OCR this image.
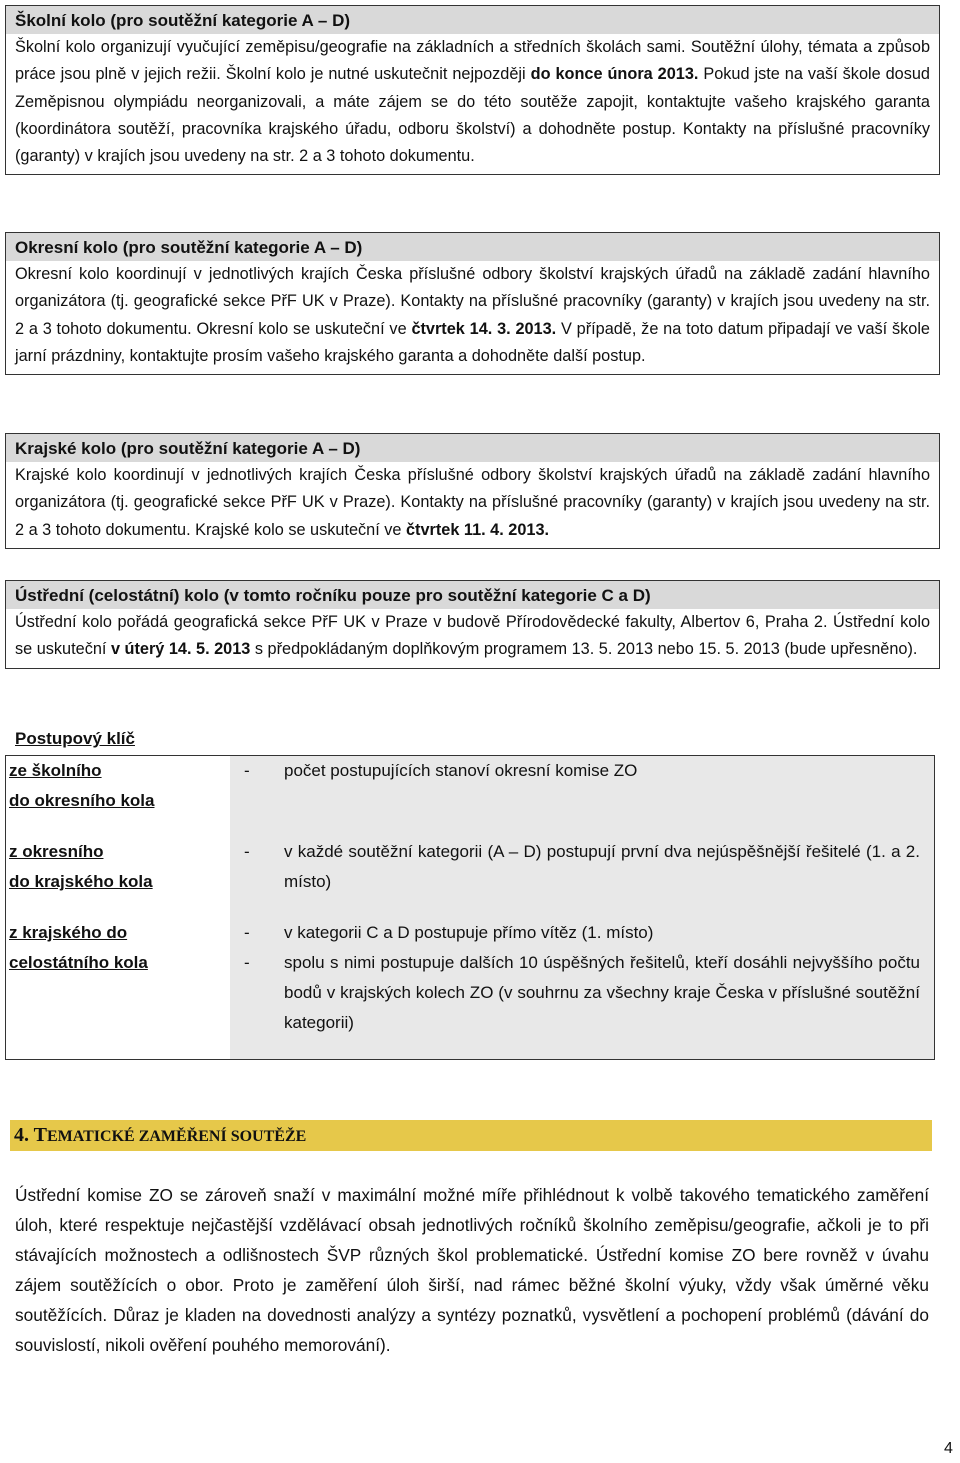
Školní kolo (pro soutěžní kategorie A – D)
Školní kolo organizují vyučující zeměpisu/geografie na základních a středních školách sami. Soutěžní úlohy, témata a způsob práce jsou plně v jejich režii. Školní kolo je nutné uskutečnit nejpozději do konce února 2013. Pokud jste na vaší škole dosud Zeměpisnou olympiádu neorganizovali, a máte zájem se do této soutěže zapojit, kontaktujte vašeho krajského garanta (koordinátora soutěží, pracovníka krajského úřadu, odboru školství) a dohodněte postup. Kontakty na příslušné pracovníky (garanty) v krajích jsou uvedeny na str. 2 a 3 tohoto dokumentu.
Okresní kolo (pro soutěžní kategorie A – D)
Okresní kolo koordinují v jednotlivých krajích Česka příslušné odbory školství krajských úřadů na základě zadání hlavního organizátora (tj. geografické sekce PřF UK v Praze). Kontakty na příslušné pracovníky (garanty) v krajích jsou uvedeny na str. 2 a 3 tohoto dokumentu. Okresní kolo se uskuteční ve čtvrtek 14. 3. 2013. V případě, že na toto datum připadají ve vaší škole jarní prázdniny, kontaktujte prosím vašeho krajského garanta a dohodněte další postup.
Krajské kolo (pro soutěžní kategorie A – D)
Krajské kolo koordinují v jednotlivých krajích Česka příslušné odbory školství krajských úřadů na základě zadání hlavního organizátora (tj. geografické sekce PřF UK v Praze). Kontakty na příslušné pracovníky (garanty) v krajích jsou uvedeny na str. 2 a 3 tohoto dokumentu. Krajské kolo se uskuteční ve čtvrtek 11. 4. 2013.
Ústřední (celostátní) kolo (v tomto ročníku pouze pro soutěžní kategorie C a D)
Ústřední kolo pořádá geografická sekce PřF UK v Praze v budově Přírodovědecké fakulty, Albertov 6, Praha 2. Ústřední kolo se uskuteční v úterý 14. 5. 2013 s předpokládaným doplňkovým programem 13. 5. 2013 nebo 15. 5. 2013 (bude upřesněno).
Postupový klíč
ze školního
do okresního kola
- počet postupujících stanoví okresní komise ZO
z okresního
do krajského kola
- v každé soutěžní kategorii (A – D) postupují první dva nejúspěšnější řešitelé (1. a 2. místo)
z krajského do
celostátního kola
- v kategorii C a D postupuje přímo vítěz (1. místo)
- spolu s nimi postupuje dalších 10 úspěšných řešitelů, kteří dosáhli nejvyššího počtu bodů v krajských kolech ZO (v souhrnu za všechny kraje Česka v příslušné soutěžní kategorii)
4. TEMATICKÉ ZAMĚŘENÍ SOUTĚŽE
Ústřední komise ZO se zároveň snaží v maximální možné míře přihlédnout k volbě takového tematického zaměření úloh, které respektuje nejčastější vzdělávací obsah jednotlivých ročníků školního zeměpisu/geografie, ačkoli je to při stávajících možnostech a odlišnostech ŠVP různých škol problematické. Ústřední komise ZO bere rovněž v úvahu zájem soutěžících o obor. Proto je zaměření úloh širší, nad rámec běžné školní výuky, vždy však úměrné věku soutěžících. Důraz je kladen na dovednosti analýzy a syntézy poznatků, vysvětlení a pochopení problémů (dávání do souvislostí, nikoli ověření pouhého memorování).
4
